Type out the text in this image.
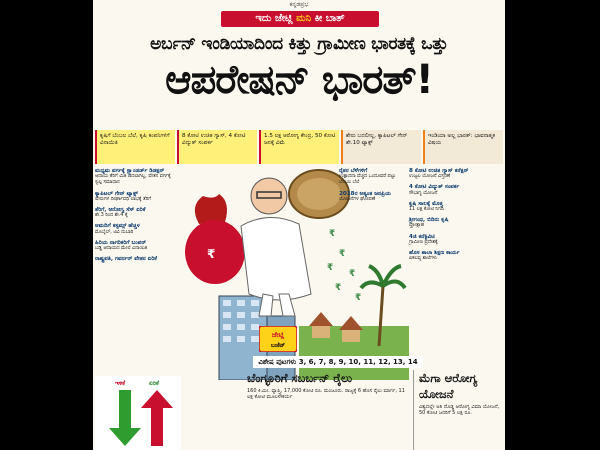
ಕನ್ನಡಪ್ರಭ
ಇದು ಜೇಟ್ಲಿ ಮನಿ ಕೀ ಬಾತ್
ಅರ್ಬನ್ ಇಂಡಿಯಾದಿಂದ ಕಿತ್ತು ಗ್ರಾಮೀಣ ಭಾರತಕ್ಕೆ ಒತ್ತು
ಆಪರೇಷನ್ ಭಾರತ್!
ಕೃಷಿಗೆ ಬೆಂಬಲ ಬೆಲೆ, ಕೃಷಿ ಕಂಪನಿಗಳಿಗೆ ವಿನಾಯಿತಿ
8 ಕೋಟಿ ಉಚಿತ ಗ್ಯಾಸ್, 4 ಕೋಟಿ ವಿದ್ಯುತ್ ಸಂಪರ್ಕ
1.5 ಲಕ್ಷ ಆರೋಗ್ಯ ಕೇಂದ್ರ, 50 ಕೋಟಿ ಜನಕ್ಕೆ ವಿಮೆ
ಶೇರು ಬದಲೀಲ್ಲ, ಕ್ಯಾಪಿಟಲ್ ಗೇನ್ ಶೇ.10 ಟ್ಯಾಕ್ಸ್
ಇಂಡಿಯಾ ಅಲ್ಲ ಭಾರತ್: ಭಾವನಾತ್ಮಕ ವಿಷಯ
ಮಧ್ಯಮ ವರ್ಗಕ್ಕೆ ಸ್ಟ್ಯಾಂಡರ್ಡ್ ಡಿಡಕ್ಷನ್
ಆದಾಯ ತೆರಿಗೆ ಮಿತಿ ಬದಲಾಗಿಲ್ಲ, ವೇತನ ವರ್ಗಕ್ಕೆ ಸ್ವಲ್ಪ ಸಮಾಧಾನ
ಕ್ಯಾಪಿಟಲ್ ಗೇನ್ ಟ್ಯಾಕ್ಸ್
ಷೇರುಗಳ ದೀರ್ಘಾವಧಿ ಲಾಭಕ್ಕೆ ತೆರಿಗೆ
ತೆರಿಗೆ, ಆರೋಗ್ಯ ಸೆಸ್ ಏರಿಕೆ
ಶೇ.3 ರಿಂದ ಶೇ.4 ಕ್ಕೆ
ಆಮದಿಗೆ ಕಸ್ಟಮ್ಸ್ ಹೆಚ್ಚಳ
ಮೊಬೈಲ್, ಟಿವಿ ದುಬಾರಿ
ಹಿರಿಯ ನಾಗರಿಕರಿಗೆ ಬಂಪರ್
ಬಡ್ಡಿ ಆದಾಯದ ಮೇಲೆ ವಿನಾಯಿತಿ
ರಾಷ್ಟ್ರಪತಿ, ಗವರ್ನರ್ ವೇತನ ಏರಿಕೆ	₹
₹
₹
₹
₹
₹
₹
ರೈತರ ಬೆಳೆಗಳಿಗೆ
ಉತ್ಪಾದನಾ ವೆಚ್ಚದ ಒಂದೂವರೆ ಪಟ್ಟು ಬೆಂಬಲ ಬೆಲೆ
2018ರ ಅತ್ಯಂತ ಜನಪ್ರಿಯ
ಯೋಜನೆಗಳ ಘೋಷಣೆ
8 ಕೋಟಿ ಉಚಿತ ಗ್ಯಾಸ್ ಕನೆಕ್ಷನ್
ಉಜ್ವಲ ಯೋಜನೆ ವಿಸ್ತರಣೆ
4 ಕೋಟಿ ವಿದ್ಯುತ್ ಸಂಪರ್ಕ
ಸೌಭಾಗ್ಯ ಯೋಜನೆ
ಕೃಷಿ ಸಾಲಕ್ಕೆ ಮೊತ್ತ
11 ಲಕ್ಷ ಕೋಟಿ ನಿಗದಿ
ಶ್ರೀಗಂಧ, ಬಿದಿರು ಕೃಷಿ
ಪ್ರೋತ್ಸಾಹ
4ಜಿ ಕನೆಕ್ಟಿವಿಟಿ
ಗ್ರಾಮೀಣ ಪ್ರದೇಶಕ್ಕೆ
ಹೊಸ ಶಾಲಾ ಶಿಕ್ಷಣ ಕಾರ್ಯ
ಏಕಲವ್ಯ ಶಾಲೆಗಳು
ಜೇಟ್ಲಿ
ಬಜೆಟ್
ವಿಶೇಷ ಪುಟಗಳು 3, 6, 7, 8, 9, 10, 11, 12, 13, 14
ಇಳಿಕೆ	ಏರಿಕೆ	ಬೆಂಗ್ಳೂರಿಗೆ ಸಬರ್ಬನ್ ರೈಲು

160 ಕಿ.ಮೀ. ವ್ಯಾಪ್ತಿ, 17,000 ಕೋಟಿ ರೂ. ಮಂಜೂರು. ರಾಜ್ಯಕ್ಕೆ 6 ಹೊಸ ರೈಲು ಮಾರ್ಗ, 11 ಲಕ್ಷ ಕೋಟಿ ಮೂಲಸೌಕರ್ಯ

ಮೆಗಾ ಆರೋಗ್ಯ ಯೋಜನೆ

ವಿಶ್ವದಲ್ಲೇ ಅತಿ ದೊಡ್ಡ ಆರೋಗ್ಯ ವಿಮಾ ಯೋಜನೆ, 50 ಕೋಟಿ ಜನರಿಗೆ 5 ಲಕ್ಷ ರೂ.
